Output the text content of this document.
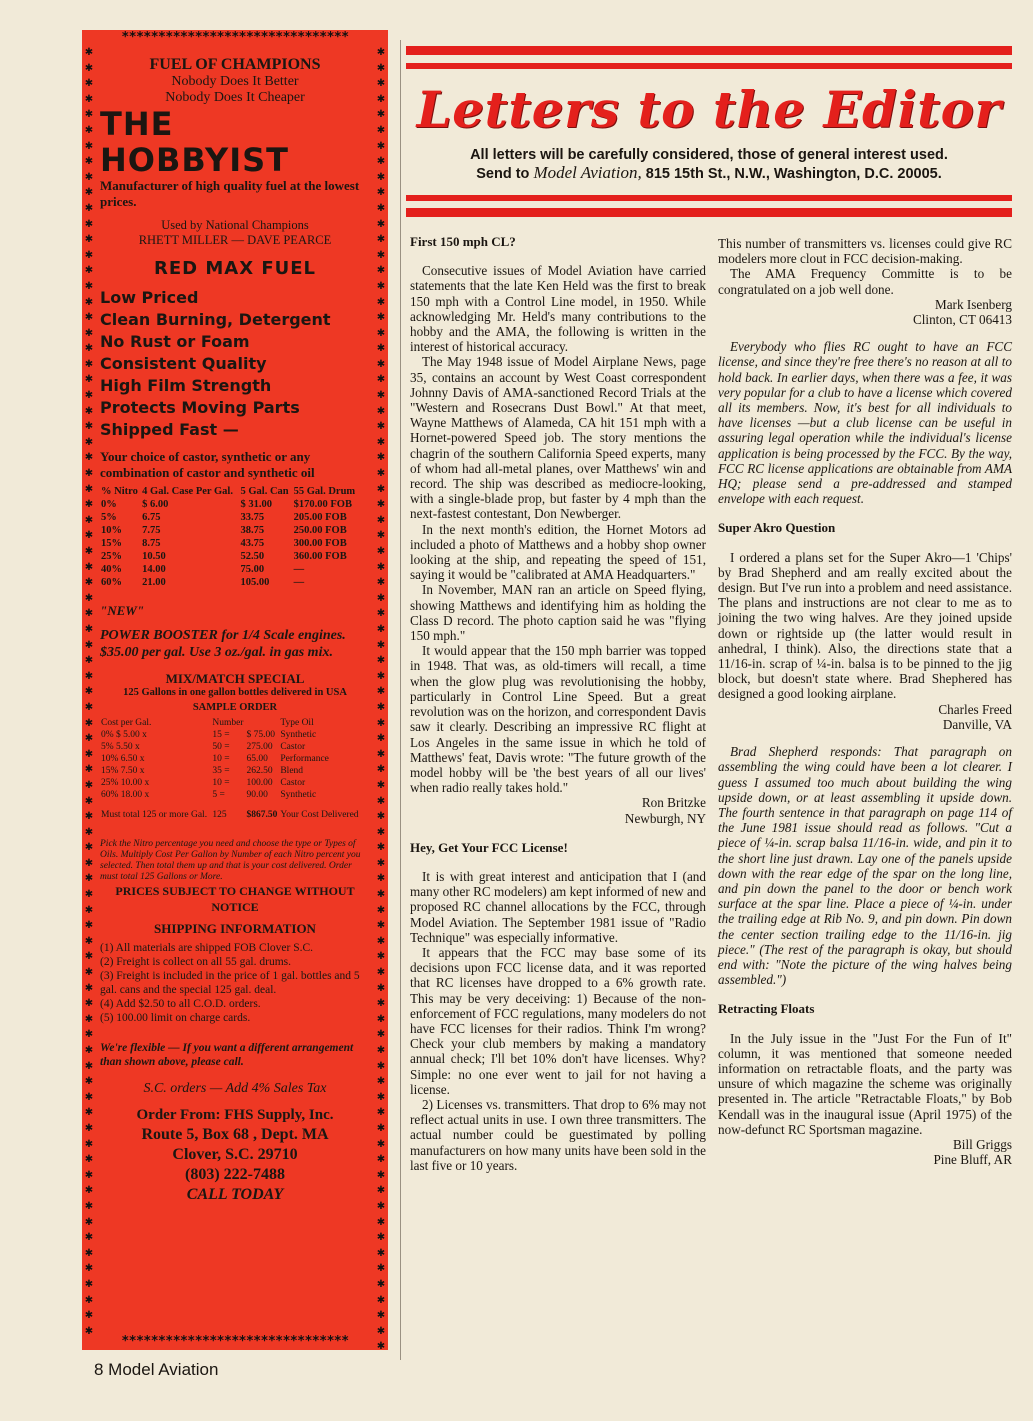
*******************************
*******************************
✱✱✱✱✱✱✱✱✱✱✱✱✱✱✱✱✱✱✱✱✱✱✱✱✱✱✱✱✱✱✱✱✱✱✱✱✱✱✱✱✱✱✱✱✱✱✱✱✱✱✱✱✱✱✱✱✱✱✱✱✱✱✱✱✱✱✱✱✱✱✱✱✱✱✱✱✱✱✱✱✱✱✱
✱✱✱✱✱✱✱✱✱✱✱✱✱✱✱✱✱✱✱✱✱✱✱✱✱✱✱✱✱✱✱✱✱✱✱✱✱✱✱✱✱✱✱✱✱✱✱✱✱✱✱✱✱✱✱✱✱✱✱✱✱✱✱✱✱✱✱✱✱✱✱✱✱✱✱✱✱✱✱✱✱✱✱✱
FUEL OF CHAMPIONS
Nobody Does It Better
Nobody Does It Cheaper
THE
HOBBYIST
Manufacturer of high quality fuel at the lowest prices.
Used by National Champions
RHETT MILLER — DAVE PEARCE
RED MAX FUEL
Low Priced
Clean Burning, Detergent
No Rust or Foam
Consistent Quality
High Film Strength
Protects Moving Parts
Shipped Fast —
Your choice of castor, synthetic or any combination of castor and synthetic oil
% Nitro	4 Gal. Case Per Gal.	5 Gal. Can	55 Gal. Drum
0%	$ 6.00	$ 31.00	$170.00 FOB
5%	6.75	33.75	205.00 FOB
10%	7.75	38.75	250.00 FOB
15%	8.75	43.75	300.00 FOB
25%	10.50	52.50	360.00 FOB
40%	14.00	75.00	—
60%	21.00	105.00	—
"NEW"
POWER BOOSTER for 1/4 Scale engines. $35.00 per gal. Use 3 oz./gal. in gas mix.
MIX/MATCH SPECIAL
125 Gallons in one gallon bottles delivered in USA
SAMPLE ORDER
Cost per Gal.	Number		Type Oil
0% $ 5.00 x	15 =	$ 75.00	Synthetic
5% 5.50 x	50 =	275.00	Castor
10% 6.50 x	10 =	65.00	Performance
15% 7.50 x	35 =	262.50	Blend
25% 10.00 x	10 =	100.00	Castor
60% 18.00 x	5 =	90.00	Synthetic
Must total 125 or more Gal.	125	$867.50	Your Cost Delivered
Pick the Nitro percentage you need and choose the type or Types of Oils. Multiply Cost Per Gallon by Number of each Nitro percent you selected. Then total them up and that is your cost delivered. Order must total 125 Gallons or More.
PRICES SUBJECT TO CHANGE WITHOUT NOTICE
SHIPPING INFORMATION
(1) All materials are shipped FOB Clover S.C.
(2) Freight is collect on all 55 gal. drums.
(3) Freight is included in the price of 1 gal. bottles and 5 gal. cans and the special 125 gal. deal.
(4) Add $2.50 to all C.O.D. orders.
(5) 100.00 limit on charge cards.
We're flexible — If you want a different arrangement than shown above, please call.
S.C. orders — Add 4% Sales Tax
Order From: FHS Supply, Inc.
Route 5, Box 68 , Dept. MA
Clover, S.C. 29710
(803) 222-7488
CALL TODAY
Letters to the Editor
All letters will be carefully considered, those of general interest used.
Send to Model Aviation, 815 15th St., N.W., Washington, D.C. 20005.
First 150 mph CL?

Consecutive issues of Model Aviation have carried statements that the late Ken Held was the first to break 150 mph with a Control Line model, in 1950. While acknowledging Mr. Held's many contributions to the hobby and the AMA, the following is written in the interest of historical accuracy.

The May 1948 issue of Model Airplane News, page 35, contains an account by West Coast correspondent Johnny Davis of AMA-sanctioned Record Trials at the "Western and Rosecrans Dust Bowl." At that meet, Wayne Matthews of Alameda, CA hit 151 mph with a Hornet-powered Speed job. The story mentions the chagrin of the southern California Speed experts, many of whom had all-metal planes, over Matthews' win and record. The ship was described as mediocre-looking, with a single-blade prop, but faster by 4 mph than the next-fastest contestant, Don Newberger.

In the next month's edition, the Hornet Motors ad included a photo of Matthews and a hobby shop owner looking at the ship, and repeating the speed of 151, saying it would be "calibrated at AMA Headquarters."

In November, MAN ran an article on Speed flying, showing Matthews and identifying him as holding the Class D record. The photo caption said he was "flying 150 mph."

It would appear that the 150 mph barrier was topped in 1948. That was, as old-timers will recall, a time when the glow plug was revolutionising the hobby, particularly in Control Line Speed. But a great revolution was on the horizon, and correspondent Davis saw it clearly. Describing an impressive RC flight at Los Angeles in the same issue in which he told of Matthews' feat, Davis wrote: "The future growth of the model hobby will be 'the best years of all our lives' when radio really takes hold."

Ron Britzke

Newburgh, NY

Hey, Get Your FCC License!

It is with great interest and anticipation that I (and many other RC modelers) am kept informed of new and proposed RC channel allocations by the FCC, through Model Aviation. The September 1981 issue of "Radio Technique" was especially informative.

It appears that the FCC may base some of its decisions upon FCC license data, and it was reported that RC licenses have dropped to a 6% growth rate. This may be very deceiving: 1) Because of the non-enforcement of FCC regulations, many modelers do not have FCC licenses for their radios. Think I'm wrong? Check your club members by making a mandatory annual check; I'll bet 10% don't have licenses. Why? Simple: no one ever went to jail for not having a license.

2) Licenses vs. transmitters. That drop to 6% may not reflect actual units in use. I own three transmitters. The actual number could be guestimated by polling manufacturers on how many units have been sold in the last five or 10 years.

This number of transmitters vs. licenses could give RC modelers more clout in FCC decision-making.

The AMA Frequency Committe is to be congratulated on a job well done.

Mark Isenberg

Clinton, CT 06413

Everybody who flies RC ought to have an FCC license, and since they're free there's no reason at all to hold back. In earlier days, when there was a fee, it was very popular for a club to have a license which covered all its members. Now, it's best for all individuals to have licenses —but a club license can be useful in assuring legal operation while the individual's license application is being processed by the FCC. By the way, FCC RC license applications are obtainable from AMA HQ; please send a pre-addressed and stamped envelope with each request.

Super Akro Question

I ordered a plans set for the Super Akro—1 'Chips' by Brad Shepherd and am really excited about the design. But I've run into a problem and need assistance. The plans and instructions are not clear to me as to joining the two wing halves. Are they joined upside down or rightside up (the latter would result in anhedral, I think). Also, the directions state that a 11/16-in. scrap of ¼-in. balsa is to be pinned to the jig block, but doesn't state where. Brad Shephered has designed a good looking airplane.

Charles Freed

Danville, VA

Brad Shepherd responds: That paragraph on assembling the wing could have been a lot clearer. I guess I assumed too much about building the wing upside down, or at least assembling it upside down. The fourth sentence in that paragraph on page 114 of the June 1981 issue should read as follows. "Cut a piece of ¼-in. scrap balsa 11/16-in. wide, and pin it to the short line just drawn. Lay one of the panels upside down with the rear edge of the spar on the long line, and pin down the panel to the door or bench work surface at the spar line. Place a piece of ¼-in. under the trailing edge at Rib No. 9, and pin down. Pin down the center section trailing edge to the 11/16-in. jig piece." (The rest of the paragraph is okay, but should end with: "Note the picture of the wing halves being assembled.")

Retracting Floats

In the July issue in the "Just For the Fun of It" column, it was mentioned that someone needed information on retractable floats, and the party was unsure of which magazine the scheme was originally presented in. The article "Retractable Floats," by Bob Kendall was in the inaugural issue (April 1975) of the now-defunct RC Sportsman magazine.

Bill Griggs

Pine Bluff, AR

8 Model Aviation
